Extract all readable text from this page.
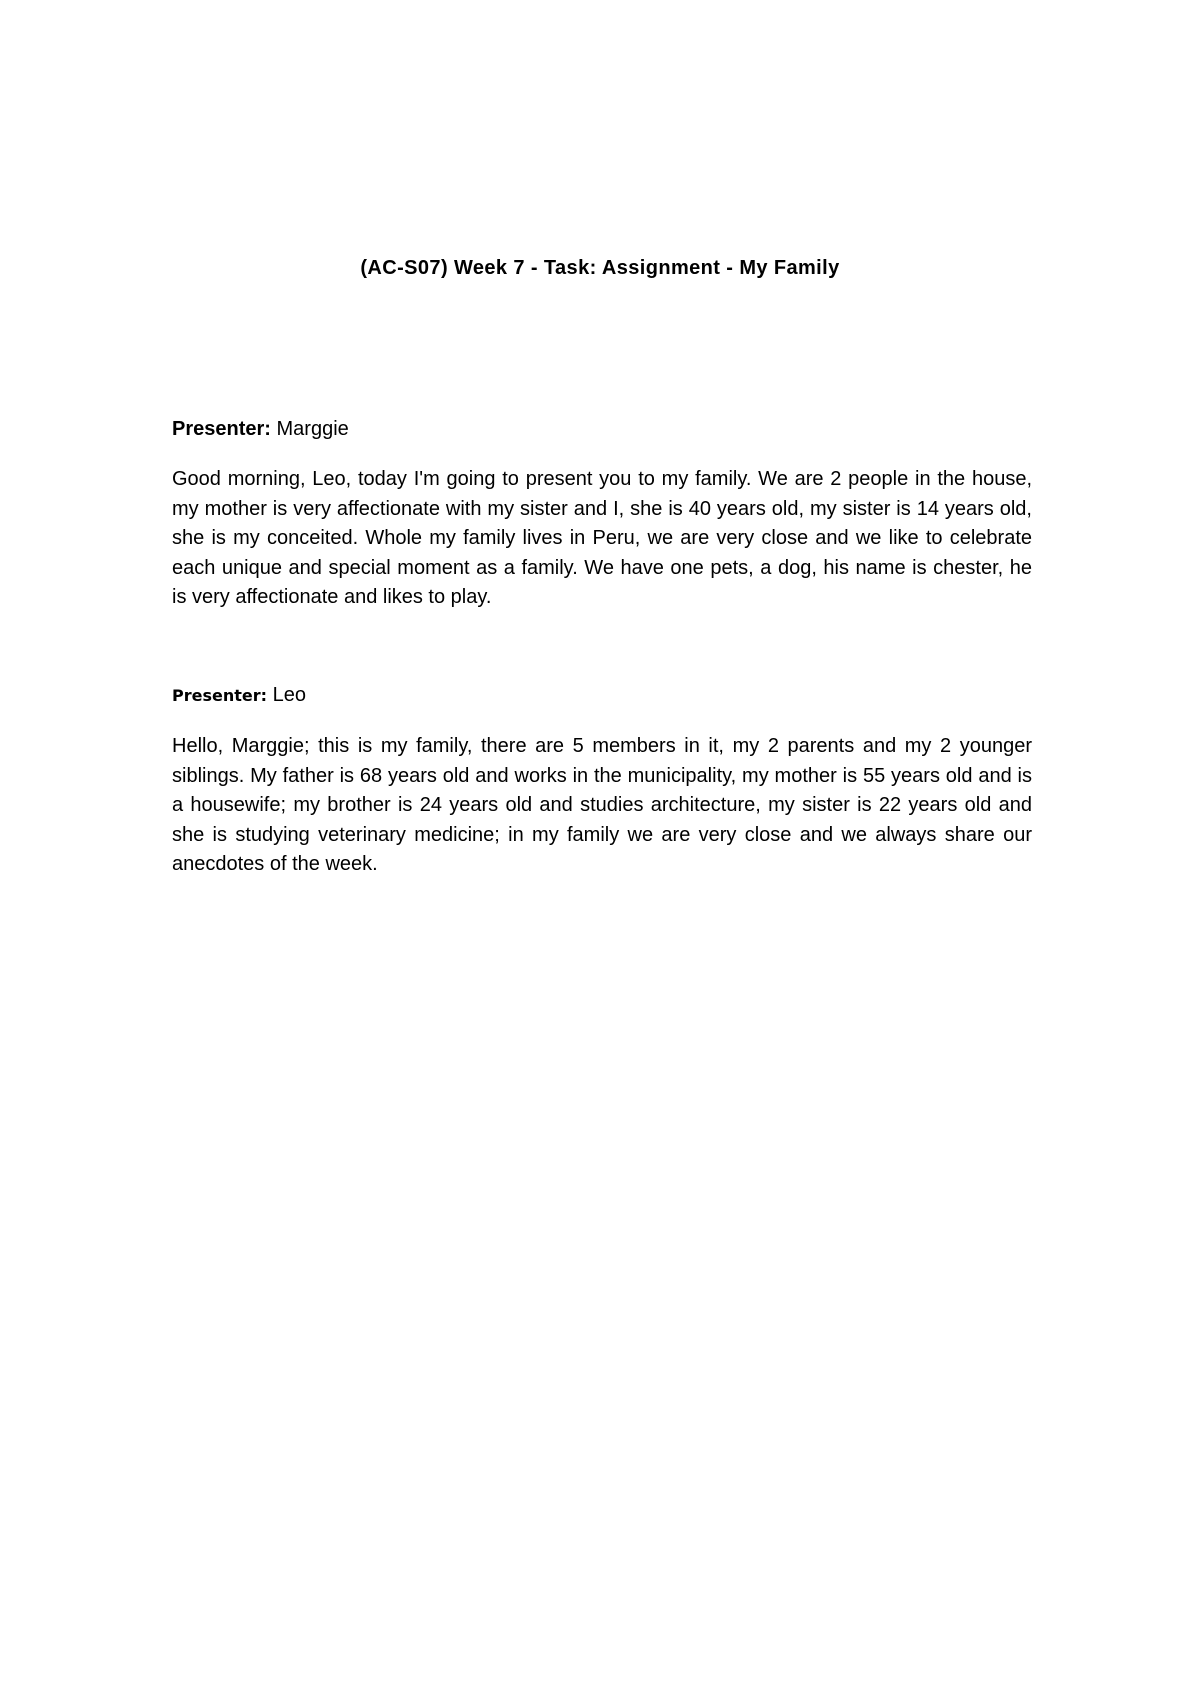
(AC-S07) Week 7 - Task: Assignment - My Family

Presenter: Marggie

Good morning, Leo, today I'm going to present you to my family. We are 2 people in the house, my mother is very affectionate with my sister and I, she is 40 years old, my sister is 14 years old, she is my conceited. Whole my family lives in Peru, we are very close and we like to celebrate each unique and special moment as a family. We have one pets, a dog, his name is chester, he is very affectionate and likes to play.

Presenter: Leo

Hello, Marggie; this is my family, there are 5 members in it, my 2 parents and my 2 younger siblings. My father is 68 years old and works in the municipality, my mother is 55 years old and is a housewife; my brother is 24 years old and studies architecture, my sister is 22 years old and she is studying veterinary medicine; in my family we are very close and we always share our anecdotes of the week.
